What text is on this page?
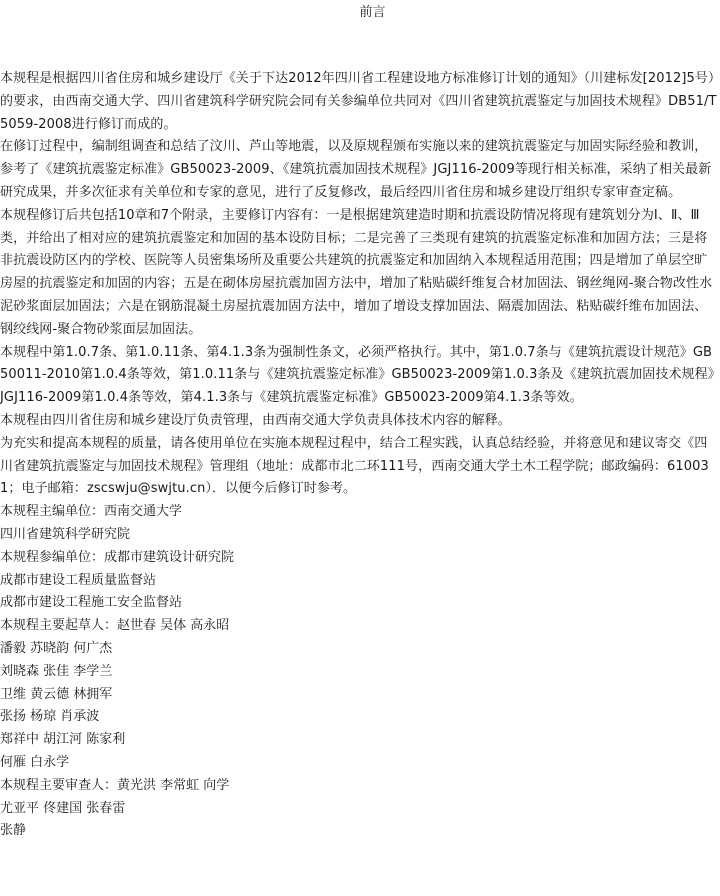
前言

本规程是根据四川省住房和城乡建设厅《关于下达2012年四川省工程建设地方标准修订计划的通知》（川建标发[2012]5号）的要求，由西南交通大学、四川省建筑科学研究院会同有关参编单位共同对《四川省建筑抗震鉴定与加固技术规程》DB51/T5059-2008进行修订而成的。

在修订过程中，编制组调查和总结了汶川、芦山等地震，以及原规程颁布实施以来的建筑抗震鉴定与加固实际经验和教训，参考了《建筑抗震鉴定标准》GB50023-2009、《建筑抗震加固技术规程》JGJ116-2009等现行相关标准，采纳了相关最新研究成果，并多次征求有关单位和专家的意见，进行了反复修改，最后经四川省住房和城乡建设厅组织专家审查定稿。

本规程修订后共包括10章和7个附录，主要修订内容有：一是根据建筑建造时期和抗震设防情况将现有建筑划分为Ⅰ、Ⅱ、Ⅲ类，并给出了相对应的建筑抗震鉴定和加固的基本设防目标；二是完善了三类现有建筑的抗震鉴定标准和加固方法；三是将非抗震设防区内的学校、医院等人员密集场所及重要公共建筑的抗震鉴定和加固纳入本规程适用范围；四是增加了单层空旷房屋的抗震鉴定和加固的内容；五是在砌体房屋抗震加固方法中，增加了粘贴碳纤维复合材加固法、钢丝绳网-聚合物改性水泥砂浆面层加固法；六是在钢筋混凝土房屋抗震加固方法中，增加了增设支撑加固法、隔震加固法、粘贴碳纤维布加固法、钢绞线网-聚合物砂浆面层加固法。

本规程中第1.0.7条、第1.0.11条、第4.1.3条为强制性条文，必须严格执行。其中，第1.0.7条与《建筑抗震设计规范》GB50011-2010第1.0.4条等效，第1.0.11条与《建筑抗震鉴定标准》GB50023-2009第1.0.3条及《建筑抗震加固技术规程》JGJ116-2009第1.0.4条等效，第4.1.3条与《建筑抗震鉴定标准》GB50023-2009第4.1.3条等效。

本规程由四川省住房和城乡建设厅负责管理，由西南交通大学负责具体技术内容的解释。

为充实和提高本规程的质量，请各使用单位在实施本规程过程中，结合工程实践，认真总结经验，并将意见和建议寄交《四川省建筑抗震鉴定与加固技术规程》管理组（地址：成都市北二环111号，西南交通大学土木工程学院；邮政编码：610031；电子邮箱：zscswju@swjtu.cn）．以便今后修订时参考。

本规程主编单位：西南交通大学

四川省建筑科学研究院

本规程参编单位：成都市建筑设计研究院

成都市建设工程质量监督站

成都市建设工程施工安全监督站

本规程主要起草人：赵世春 吴体 高永昭

潘毅 苏晓韵 何广杰

刘晓森 张佳 李学兰

卫维 黄云德 林拥军

张扬 杨琼 肖承波

郑祥中 胡江河 陈家利

何雁 白永学

本规程主要审查人：黄光洪 李常虹 向学

尤亚平 佟建国 张春雷

张静
